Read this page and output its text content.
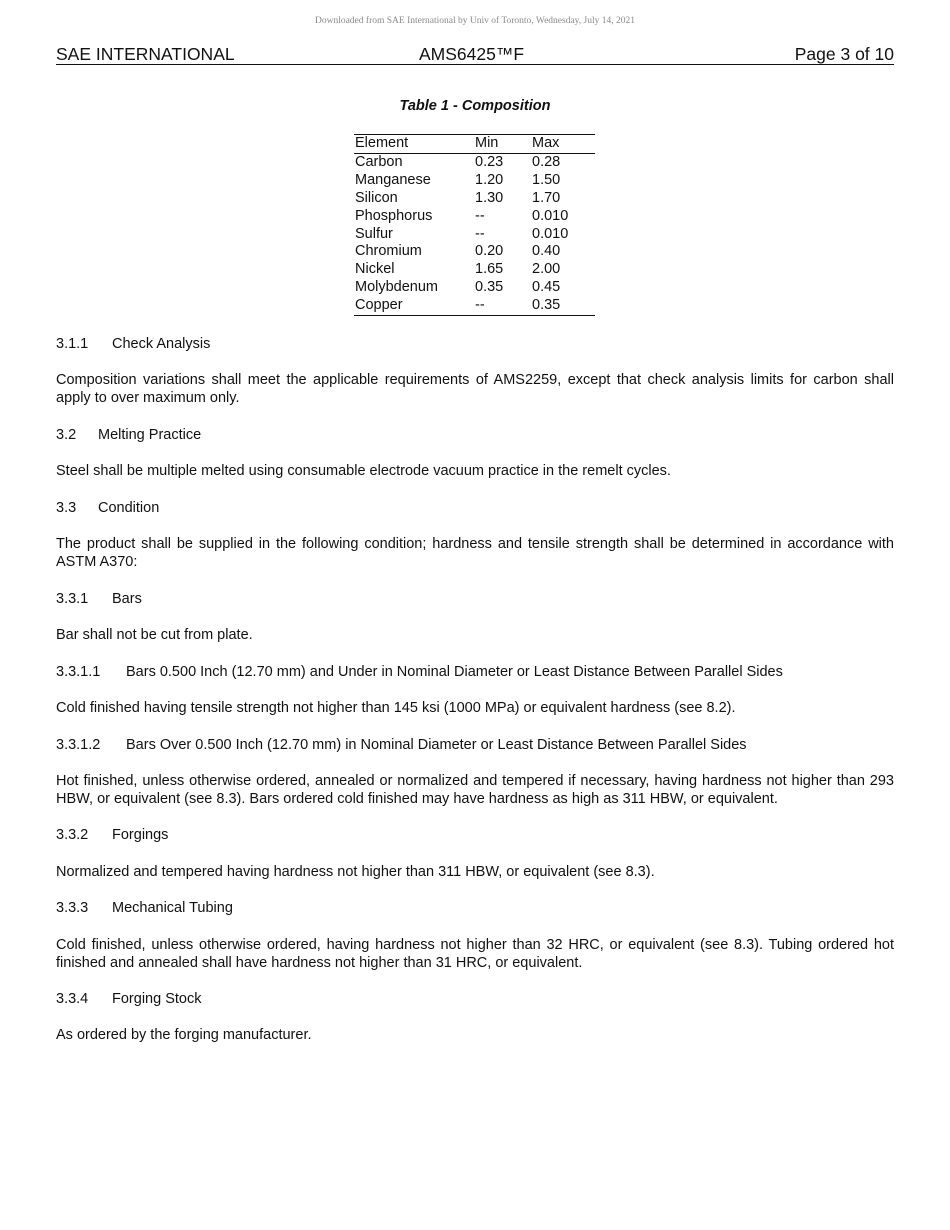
Downloaded from SAE International by Univ of Toronto, Wednesday, July 14, 2021
SAE INTERNATIONAL	AMS6425™F	Page 3 of 10
Table 1 - Composition
Element	Min	Max
Carbon	0.23	0.28
Manganese	1.20	1.50
Silicon	1.30	1.70
Phosphorus	--	0.010
Sulfur	--	0.010
Chromium	0.20	0.40
Nickel	1.65	2.00
Molybdenum	0.35	0.45
Copper	--	0.35
3.1.1 Check Analysis
Composition variations shall meet the applicable requirements of AMS2259, except that check analysis limits for carbon shall apply to over maximum only.
3.2 Melting Practice
Steel shall be multiple melted using consumable electrode vacuum practice in the remelt cycles.
3.3 Condition
The product shall be supplied in the following condition; hardness and tensile strength shall be determined in accordance with ASTM A370:
3.3.1 Bars
Bar shall not be cut from plate.
3.3.1.1 Bars 0.500 Inch (12.70 mm) and Under in Nominal Diameter or Least Distance Between Parallel Sides
Cold finished having tensile strength not higher than 145 ksi (1000 MPa) or equivalent hardness (see 8.2).
3.3.1.2 Bars Over 0.500 Inch (12.70 mm) in Nominal Diameter or Least Distance Between Parallel Sides
Hot finished, unless otherwise ordered, annealed or normalized and tempered if necessary, having hardness not higher than 293 HBW, or equivalent (see 8.3). Bars ordered cold finished may have hardness as high as 311 HBW, or equivalent.
3.3.2 Forgings
Normalized and tempered having hardness not higher than 311 HBW, or equivalent (see 8.3).
3.3.3 Mechanical Tubing
Cold finished, unless otherwise ordered, having hardness not higher than 32 HRC, or equivalent (see 8.3). Tubing ordered hot finished and annealed shall have hardness not higher than 31 HRC, or equivalent.
3.3.4 Forging Stock
As ordered by the forging manufacturer.
